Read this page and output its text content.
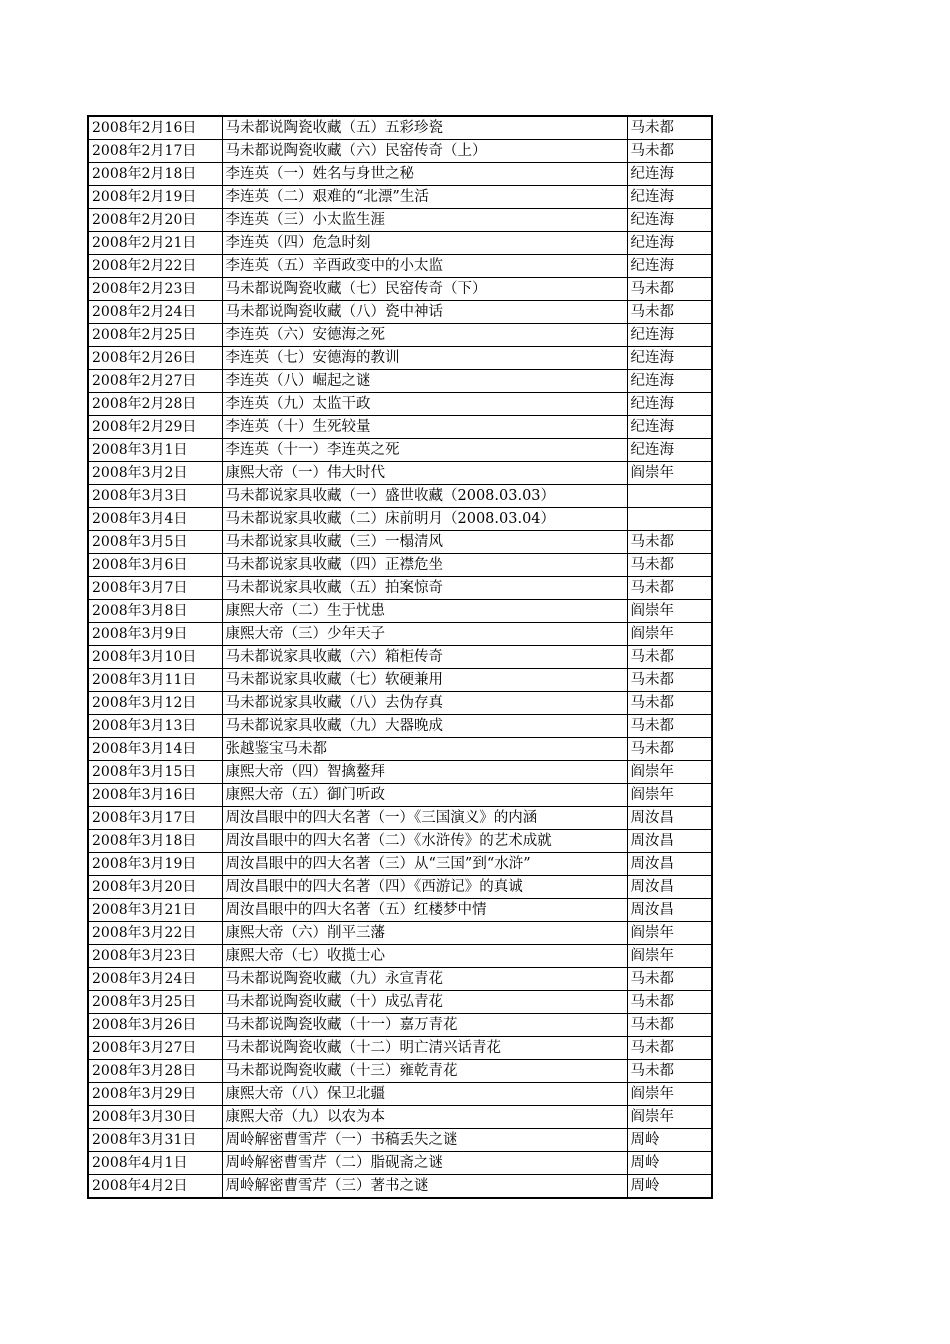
2008年2月16日	马未都说陶瓷收藏（五）五彩珍瓷	马未都
2008年2月17日	马未都说陶瓷收藏（六）民窑传奇（上）	马未都
2008年2月18日	李连英（一）姓名与身世之秘	纪连海
2008年2月19日	李连英（二）艰难的“北漂”生活	纪连海
2008年2月20日	李连英（三）小太监生涯	纪连海
2008年2月21日	李连英（四）危急时刻	纪连海
2008年2月22日	李连英（五）辛酉政变中的小太监	纪连海
2008年2月23日	马未都说陶瓷收藏（七）民窑传奇（下）	马未都
2008年2月24日	马未都说陶瓷收藏（八）瓷中神话	马未都
2008年2月25日	李连英（六）安德海之死	纪连海
2008年2月26日	李连英（七）安德海的教训	纪连海
2008年2月27日	李连英（八）崛起之谜	纪连海
2008年2月28日	李连英（九）太监干政	纪连海
2008年2月29日	李连英（十）生死较量	纪连海
2008年3月1日	李连英（十一）李连英之死	纪连海
2008年3月2日	康熙大帝（一）伟大时代	阎崇年
2008年3月3日	马未都说家具收藏（一）盛世收藏（2008.03.03）	
2008年3月4日	马未都说家具收藏（二）床前明月（2008.03.04）	
2008年3月5日	马未都说家具收藏（三）一榻清风	马未都
2008年3月6日	马未都说家具收藏（四）正襟危坐	马未都
2008年3月7日	马未都说家具收藏（五）拍案惊奇	马未都
2008年3月8日	康熙大帝（二）生于忧患	阎崇年
2008年3月9日	康熙大帝（三）少年天子	阎崇年
2008年3月10日	马未都说家具收藏（六）箱柜传奇	马未都
2008年3月11日	马未都说家具收藏（七）软硬兼用	马未都
2008年3月12日	马未都说家具收藏（八）去伪存真	马未都
2008年3月13日	马未都说家具收藏（九）大器晚成	马未都
2008年3月14日	张越鉴宝马未都	马未都
2008年3月15日	康熙大帝（四）智擒鳌拜	阎崇年
2008年3月16日	康熙大帝（五）御门听政	阎崇年
2008年3月17日	周汝昌眼中的四大名著（一）《三国演义》的内涵	周汝昌
2008年3月18日	周汝昌眼中的四大名著（二）《水浒传》的艺术成就	周汝昌
2008年3月19日	周汝昌眼中的四大名著（三）从“三国”到“水浒”	周汝昌
2008年3月20日	周汝昌眼中的四大名著（四）《西游记》的真诚	周汝昌
2008年3月21日	周汝昌眼中的四大名著（五）红楼梦中情	周汝昌
2008年3月22日	康熙大帝（六）削平三藩	阎崇年
2008年3月23日	康熙大帝（七）收揽士心	阎崇年
2008年3月24日	马未都说陶瓷收藏（九）永宣青花	马未都
2008年3月25日	马未都说陶瓷收藏（十）成弘青花	马未都
2008年3月26日	马未都说陶瓷收藏（十一）嘉万青花	马未都
2008年3月27日	马未都说陶瓷收藏（十二）明亡清兴话青花	马未都
2008年3月28日	马未都说陶瓷收藏（十三）雍乾青花	马未都
2008年3月29日	康熙大帝（八）保卫北疆	阎崇年
2008年3月30日	康熙大帝（九）以农为本	阎崇年
2008年3月31日	周岭解密曹雪芹（一）书稿丢失之谜	周岭
2008年4月1日	周岭解密曹雪芹（二）脂砚斋之谜	周岭
2008年4月2日	周岭解密曹雪芹（三）著书之谜	周岭
